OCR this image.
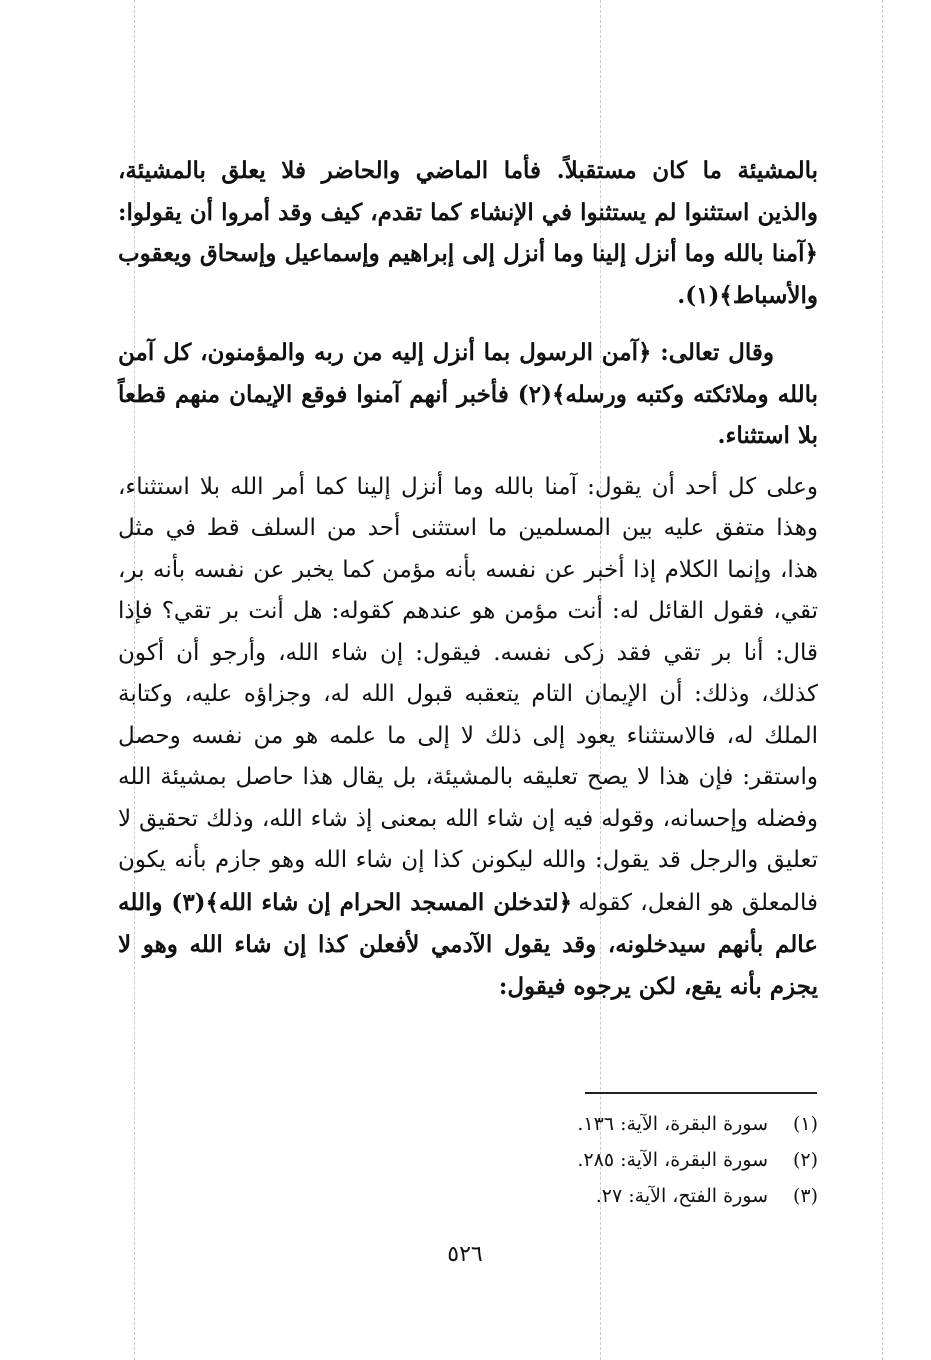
بالمشيئة ما كان مستقبلاً. فأما الماضي والحاضر فلا يعلق بالمشيئة، والذين استثنوا لم يستثنوا في الإنشاء كما تقدم، كيف وقد أمروا أن يقولوا: ﴿آمنا بالله وما أنزل إلينا وما أنزل إلى إبراهيم وإسماعيل وإسحاق ويعقوب والأسباط﴾(١).

وقال تعالى: ﴿آمن الرسول بما أنزل إليه من ربه والمؤمنون، كل آمن بالله وملائكته وكتبه ورسله﴾(٢) فأخبر أنهم آمنوا فوقع الإيمان منهم قطعاً بلا استثناء.

وعلى كل أحد أن يقول: آمنا بالله وما أنزل إلينا كما أمر الله بلا استثناء، وهذا متفق عليه بين المسلمين ما استثنى أحد من السلف قط في مثل هذا، وإنما الكلام إذا أخبر عن نفسه بأنه مؤمن كما يخبر عن نفسه بأنه بر، تقي، فقول القائل له: أنت مؤمن هو عندهم كقوله: هل أنت بر تقي؟ فإذا قال: أنا بر تقي فقد زكى نفسه. فيقول: إن شاء الله، وأرجو أن أكون كذلك، وذلك: أن الإيمان التام يتعقبه قبول الله له، وجزاؤه عليه، وكتابة الملك له، فالاستثناء يعود إلى ذلك لا إلى ما علمه هو من نفسه وحصل واستقر: فإن هذا لا يصح تعليقه بالمشيئة، بل يقال هذا حاصل بمشيئة الله وفضله وإحسانه، وقوله فيه إن شاء الله بمعنى إذ شاء الله، وذلك تحقيق لا تعليق والرجل قد يقول: والله ليكونن كذا إن شاء الله وهو جازم بأنه يكون فالمعلق هو الفعل، كقوله

﴿لتدخلن المسجد الحرام إن شاء الله﴾(٣) والله عالم بأنهم سيدخلونه، وقد يقول الآدمي لأفعلن كذا إن شاء الله وهو لا يجزم بأنه يقع، لكن يرجوه فيقول:

(١)
سورة البقرة، الآية: ١٣٦.
(٢)
سورة البقرة، الآية: ٢٨٥.
(٣)
سورة الفتح، الآية: ٢٧.
٥٢٦
